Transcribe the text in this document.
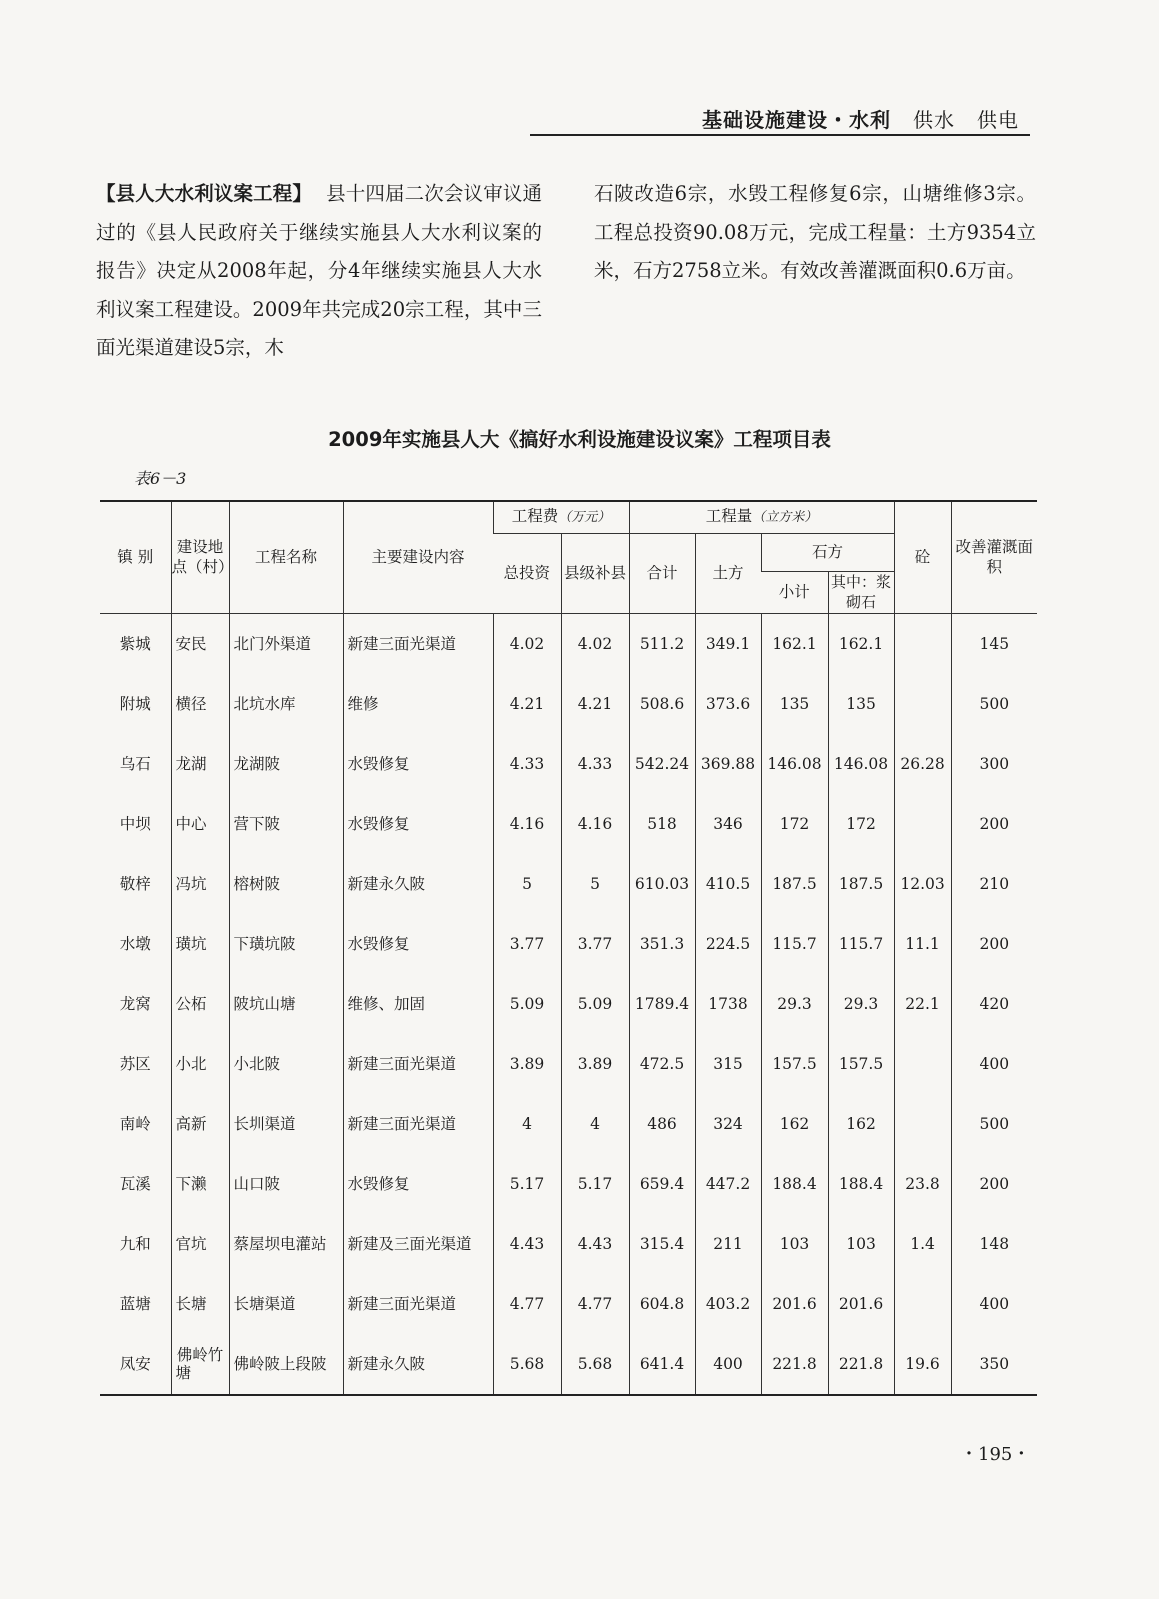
基础设施建设・水利 供水 供电
【县人大水利议案工程】 县十四届二次会议审议通过的《县人民政府关于继续实施县人大水利议案的报告》决定从2008年起，分4年继续实施县人大水利议案工程建设。2009年共完成20宗工程，其中三面光渠道建设5宗，木
石陂改造6宗，水毁工程修复6宗，山塘维修3宗。工程总投资90.08万元，完成工程量：土方9354立米，石方2758立米。有效改善灌溉面积0.6万亩。
2009年实施县人大《搞好水利设施建设议案》工程项目表
表6－3
镇 别	建设地点（村）	工程名称	主要建设内容	工程费（万元）		工程量（立方米）				砼	改善灌溉面积
				总投资	县级补县	合计	土方	石方			
								小计	其中：浆砌石		
紫城	安民	北门外渠道	新建三面光渠道	4.02	4.02	511.2	349.1	162.1	162.1		145
附城	横径	北坑水库	维修	4.21	4.21	508.6	373.6	135	135		500
乌石	龙湖	龙湖陂	水毁修复	4.33	4.33	542.24	369.88	146.08	146.08	26.28	300
中坝	中心	营下陂	水毁修复	4.16	4.16	518	346	172	172		200
敬梓	冯坑	榕树陂	新建永久陂	5	5	610.03	410.5	187.5	187.5	12.03	210
水墩	璜坑	下璜坑陂	水毁修复	3.77	3.77	351.3	224.5	115.7	115.7	11.1	200
龙窝	公柘	陂坑山塘	维修、加固	5.09	5.09	1789.4	1738	29.3	29.3	22.1	420
苏区	小北	小北陂	新建三面光渠道	3.89	3.89	472.5	315	157.5	157.5		400
南岭	高新	长圳渠道	新建三面光渠道	4	4	486	324	162	162		500
瓦溪	下濑	山口陂	水毁修复	5.17	5.17	659.4	447.2	188.4	188.4	23.8	200
九和	官坑	蔡屋坝电灌站	新建及三面光渠道	4.43	4.43	315.4	211	103	103	1.4	148
蓝塘	长塘	长塘渠道	新建三面光渠道	4.77	4.77	604.8	403.2	201.6	201.6		400
凤安	佛岭竹塘	佛岭陂上段陂	新建永久陂	5.68	5.68	641.4	400	221.8	221.8	19.6	350
・195・
